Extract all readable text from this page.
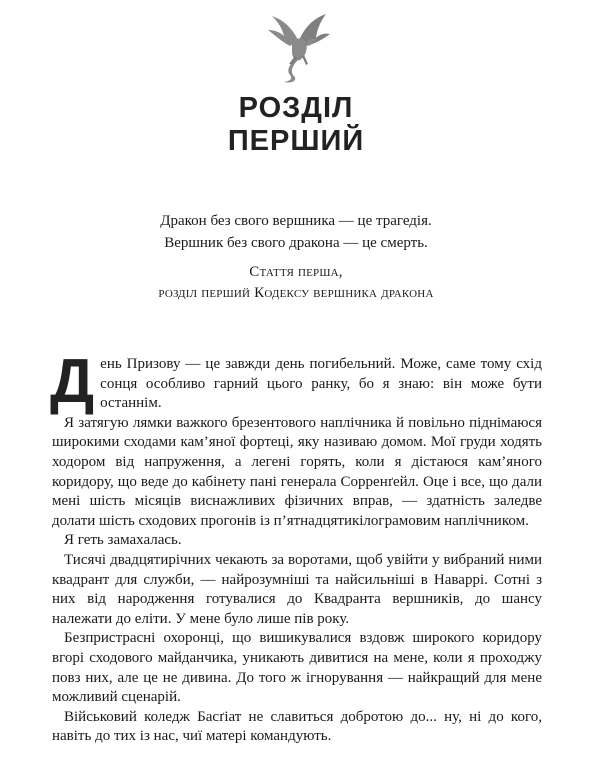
РОЗДІЛ
ПЕРШИЙ
Дракон без свого вершника — це трагедія.
Вершник без свого дракона — це смерть.
Стаття перша,
розділ перший Кодексу вершника дракона

День Призову — це завжди день погибельний. Може, саме тому схід сонця особливо гарний цього ранку, бо я знаю: він може бути останнім.

Я затягую лямки важкого брезентового наплічника й повільно піднімаюся широкими сходами кам’яної фортеці, яку називаю домом. Мої груди ходять ходором від напруження, а легені горять, коли я дістаюся кам’яного коридору, що веде до кабінету пані генерала Сорренґейл. Оце і все, що дали мені шість місяців виснажливих фізичних вправ, — здатність заледве долати шість сходових прогонів із п’ятнадцятикілограмовим наплічником.

Я геть замахалась.

Тисячі двадцятирічних чекають за воротами, щоб увійти у вибраний ними квадрант для служби, — найрозумніші та найсильніші в Наваррі. Сотні з них від народження готувалися до Квадранта вершників, до шансу належати до еліти. У мене було лише пів року.

Безпристрасні охоронці, що вишикувалися вздовж широкого коридору вгорі сходового майданчика, уникають дивитися на мене, коли я проходжу повз них, але це не дивина. До того ж ігнорування — найкращий для мене можливий сценарій.

Військовий коледж Басґіат не славиться добротою до... ну, ні до кого, навіть до тих із нас, чиї матері командують.
